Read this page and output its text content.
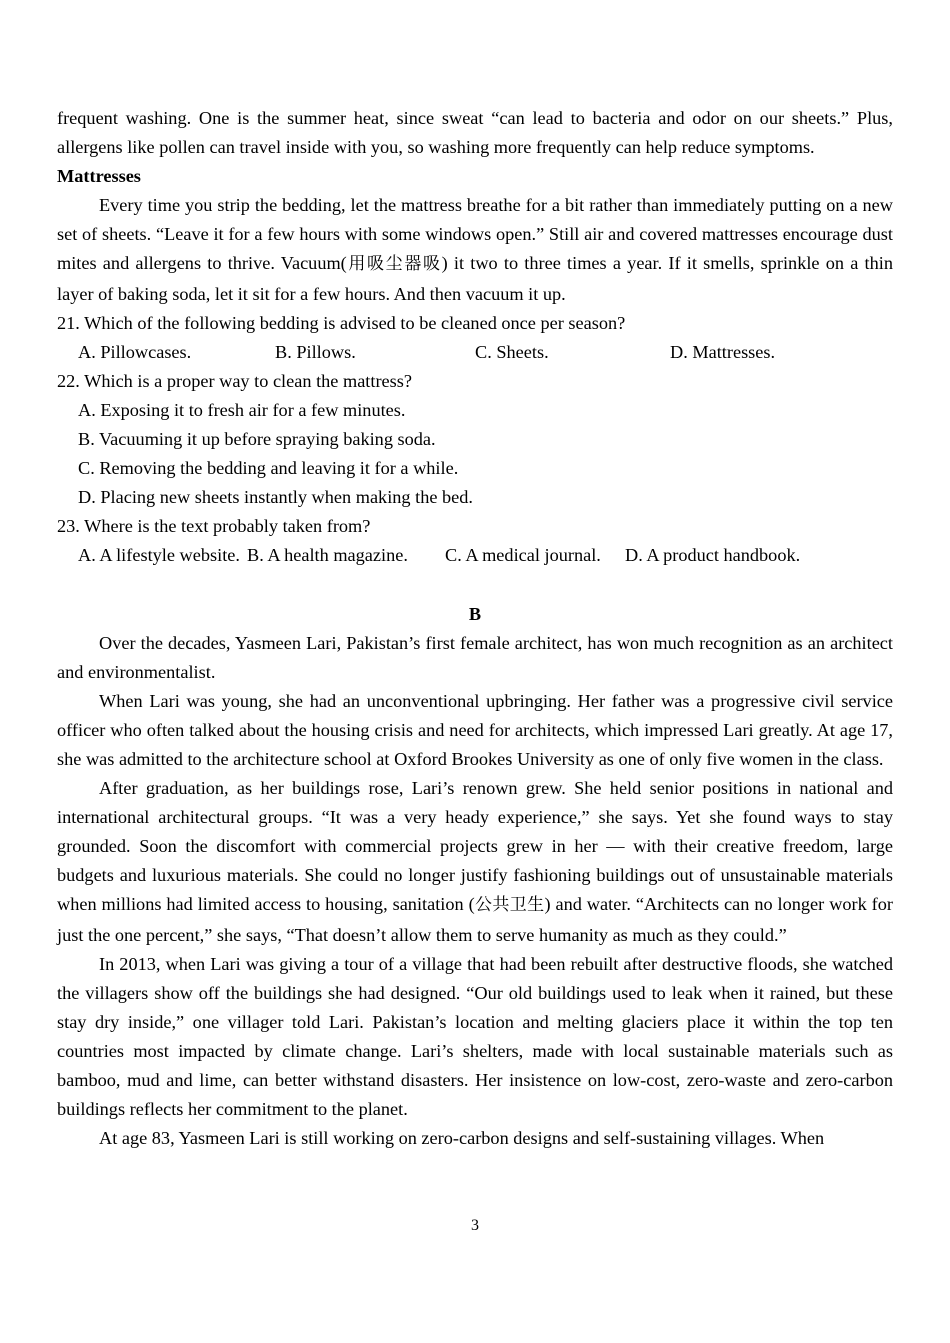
frequent washing. One is the summer heat, since sweat “can lead to bacteria and odor on our sheets.” Plus, allergens like pollen can travel inside with you, so washing more frequently can help reduce symptoms.

Mattresses

Every time you strip the bedding, let the mattress breathe for a bit rather than immediately putting on a new set of sheets. “Leave it for a few hours with some windows open.” Still air and covered mattresses encourage dust mites and allergens to thrive. Vacuum(用吸尘器吸) it two to three times a year. If it smells, sprinkle on a thin layer of baking soda, let it sit for a few hours. And then vacuum it up.

21. Which of the following bedding is advised to be cleaned once per season?
A. Pillowcases.	B. Pillows.	C. Sheets.	D. Mattresses.
22. Which is a proper way to clean the mattress?
A. Exposing it to fresh air for a few minutes.
B. Vacuuming it up before spraying baking soda.
C. Removing the bedding and leaving it for a while.
D. Placing new sheets instantly when making the bed.
23. Where is the text probably taken from?
A. A lifestyle website. B. A health magazine. C. A medical journal. D. A product handbook.
B

Over the decades, Yasmeen Lari, Pakistan’s first female architect, has won much recognition as an architect and environmentalist.

When Lari was young, she had an unconventional upbringing. Her father was a progressive civil service officer who often talked about the housing crisis and need for architects, which impressed Lari greatly. At age 17, she was admitted to the architecture school at Oxford Brookes University as one of only five women in the class.

After graduation, as her buildings rose, Lari’s renown grew. She held senior positions in national and international architectural groups. “It was a very heady experience,” she says. Yet she found ways to stay grounded. Soon the discomfort with commercial projects grew in her — with their creative freedom, large budgets and luxurious materials. She could no longer justify fashioning buildings out of unsustainable materials when millions had limited access to housing, sanitation (公共卫生) and water. “Architects can no longer work for just the one percent,” she says, “That doesn’t allow them to serve humanity as much as they could.”

In 2013, when Lari was giving a tour of a village that had been rebuilt after destructive floods, she watched the villagers show off the buildings she had designed. “Our old buildings used to leak when it rained, but these stay dry inside,” one villager told Lari. Pakistan’s location and melting glaciers place it within the top ten countries most impacted by climate change. Lari’s shelters, made with local sustainable materials such as bamboo, mud and lime, can better withstand disasters. Her insistence on low-cost, zero-waste and zero-carbon buildings reflects her commitment to the planet.

At age 83, Yasmeen Lari is still working on zero-carbon designs and self-sustaining villages. When

3
